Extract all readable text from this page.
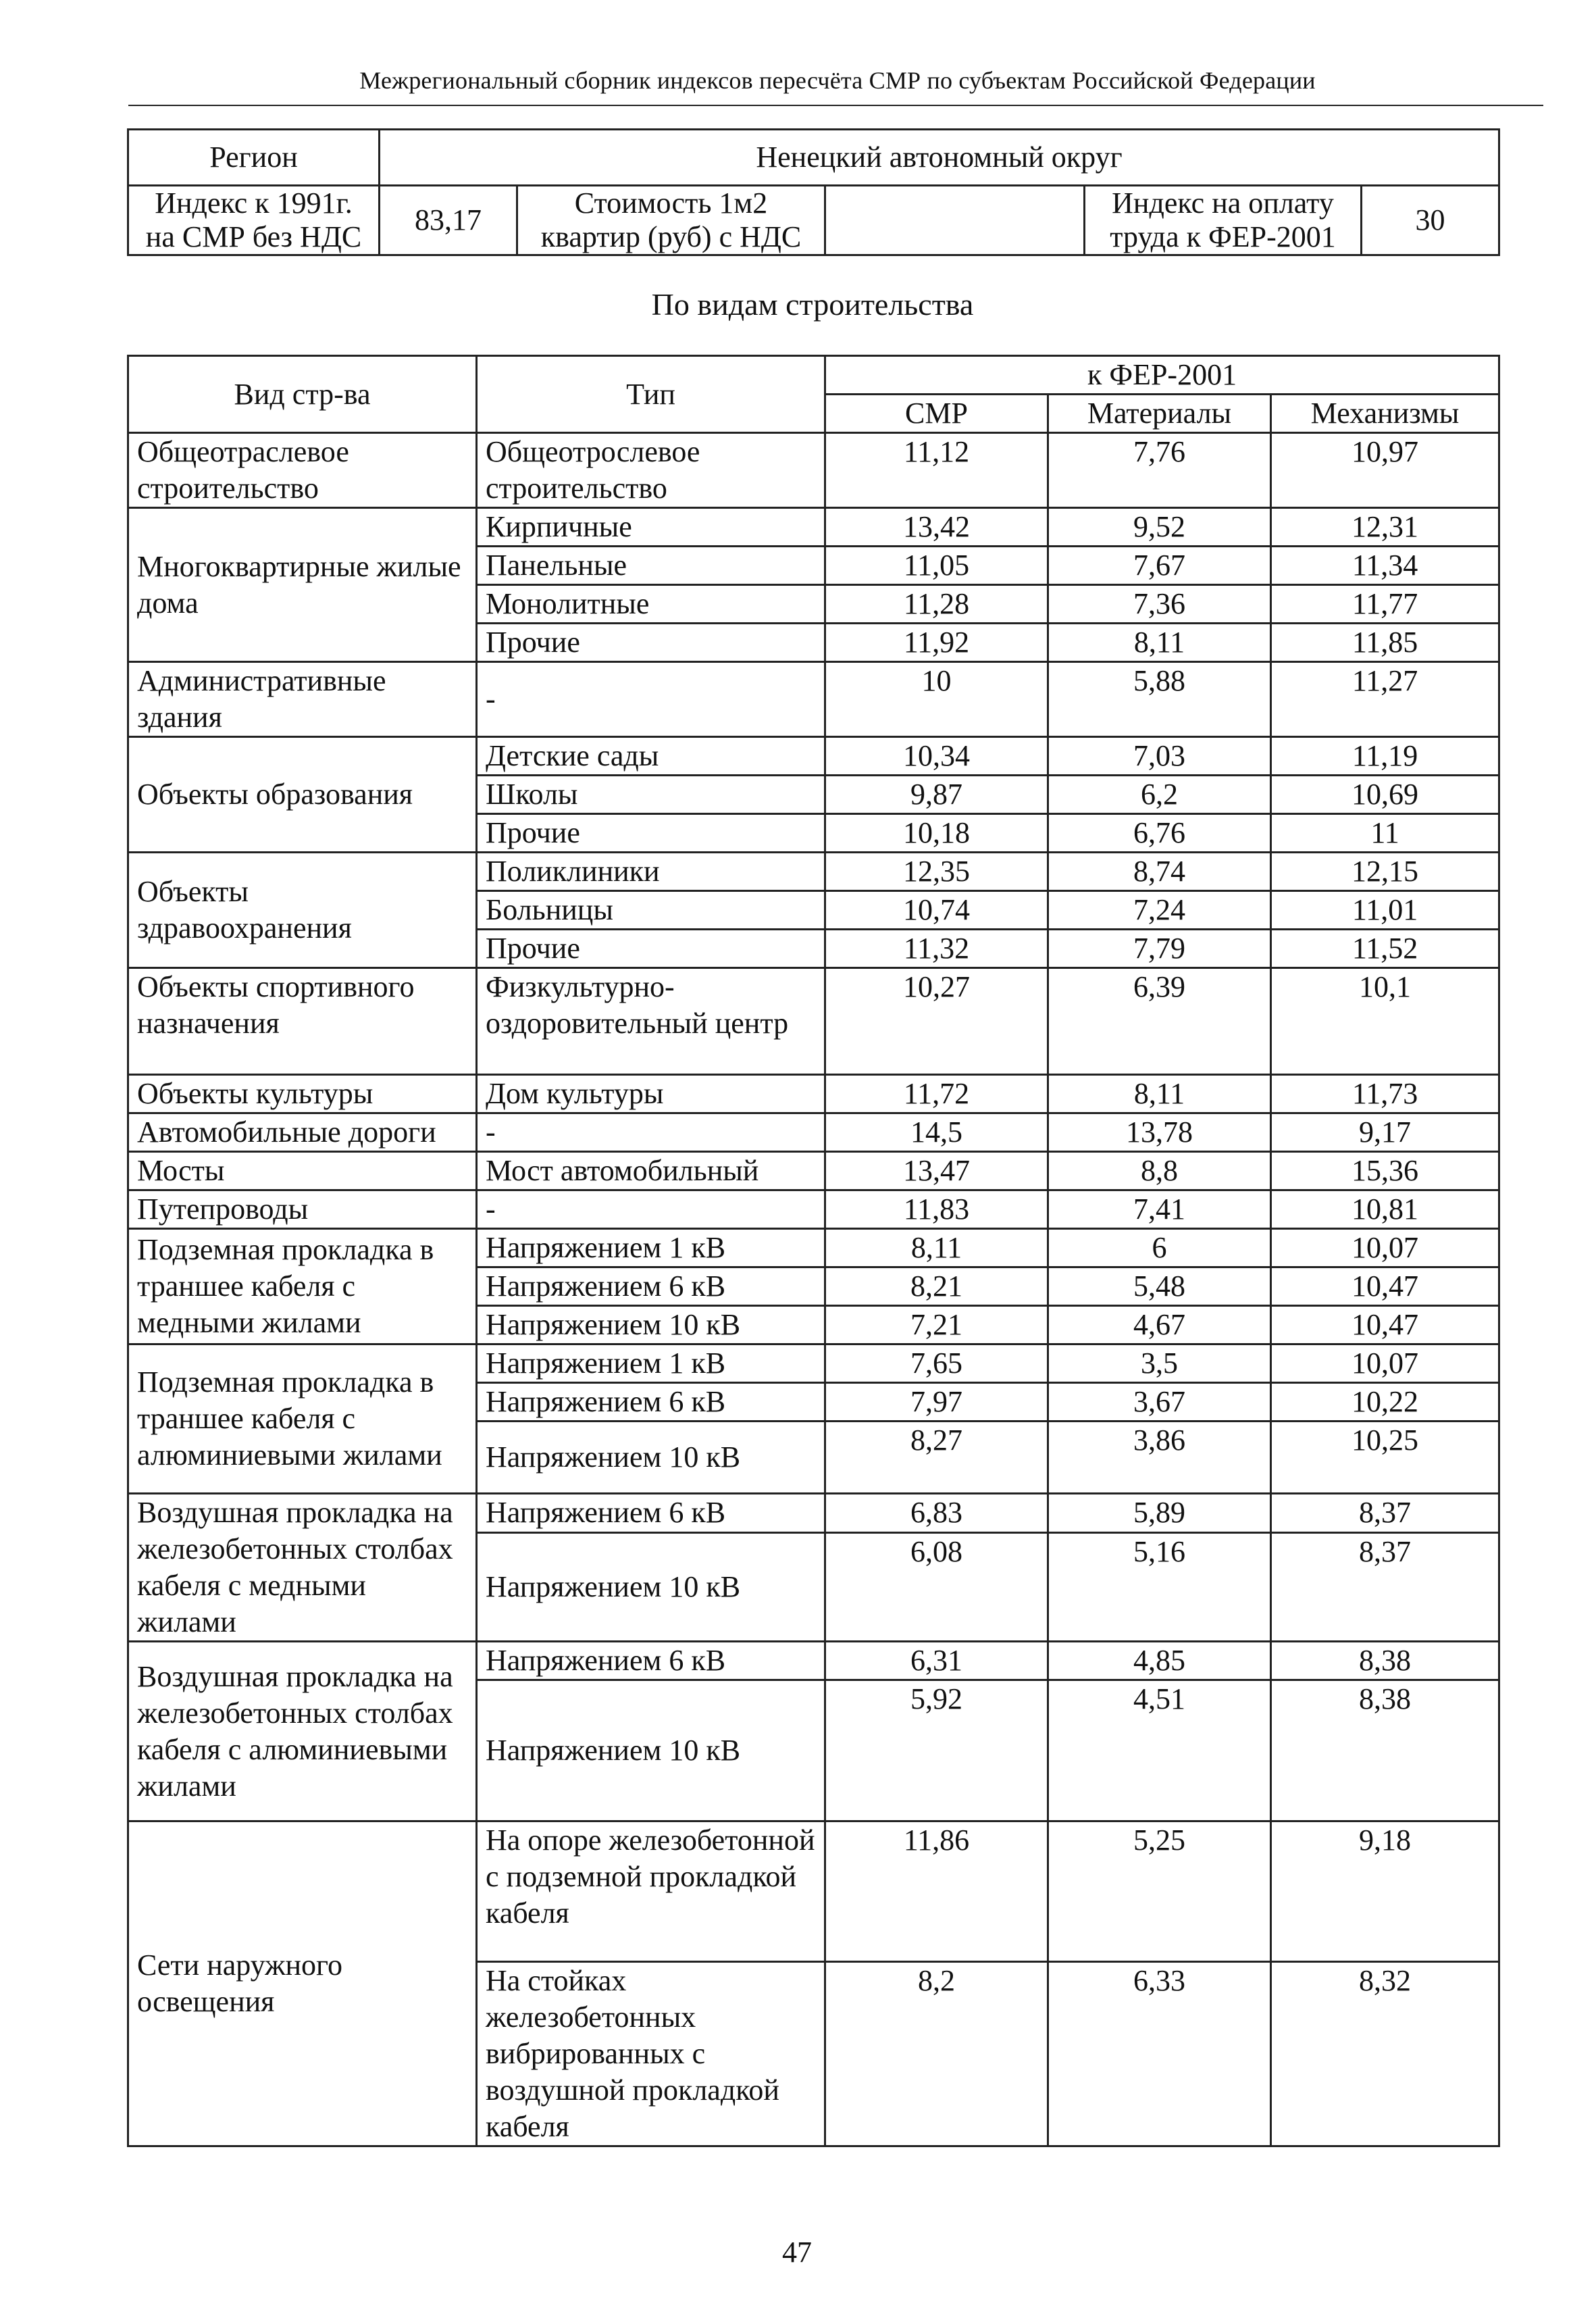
Межрегиональный сборник индексов пересчёта СМР по субъектам Российской Федерации
Регион	Ненецкий автономный округ				
Индекс к 1991г. на СМР без НДС	83,17	Стоимость 1м2 квартир (руб) с НДС		Индекс на оплату труда к ФЕР-2001	30
По видам строительства
Вид стр-ва	Тип	к ФЕР-2001		
		СМР	Материалы	Механизмы
Общеотраслевое строительство	Общеотрослевое строительство	11,12	7,76	10,97
Многоквартирные жилые дома	Кирпичные	13,42	9,52	12,31
	Панельные	11,05	7,67	11,34
	Монолитные	11,28	7,36	11,77
	Прочие	11,92	8,11	11,85
Административные здания	-	10	5,88	11,27
Объекты образования	Детские сады	10,34	7,03	11,19
	Школы	9,87	6,2	10,69
	Прочие	10,18	6,76	11
Объекты здравоохранения	Поликлиники	12,35	8,74	12,15
	Больницы	10,74	7,24	11,01
	Прочие	11,32	7,79	11,52
Объекты спортивного назначения	Физкультурно-оздоровительный центр	10,27	6,39	10,1
Объекты культуры	Дом культуры	11,72	8,11	11,73
Автомобильные дороги	-	14,5	13,78	9,17
Мосты	Мост автомобильный	13,47	8,8	15,36
Путепроводы	-	11,83	7,41	10,81
Подземная прокладка в траншее кабеля с медными жилами	Напряжением 1 кВ	8,11	6	10,07
	Напряжением 6 кВ	8,21	5,48	10,47
	Напряжением 10 кВ	7,21	4,67	10,47
Подземная прокладка в траншее кабеля с алюминиевыми жилами	Напряжением 1 кВ	7,65	3,5	10,07
	Напряжением 6 кВ	7,97	3,67	10,22
	Напряжением 10 кВ	8,27	3,86	10,25
Воздушная прокладка на железобетонных столбах кабеля с медными жилами	Напряжением 6 кВ	6,83	5,89	8,37
	Напряжением 10 кВ	6,08	5,16	8,37
Воздушная прокладка на железобетонных столбах кабеля с алюминиевыми жилами	Напряжением 6 кВ	6,31	4,85	8,38
	Напряжением 10 кВ	5,92	4,51	8,38
Сети наружного освещения	На опоре железобетонной с подземной прокладкой кабеля	11,86	5,25	9,18
	На стойках железобетонных вибрированных с воздушной прокладкой кабеля	8,2	6,33	8,32
47
